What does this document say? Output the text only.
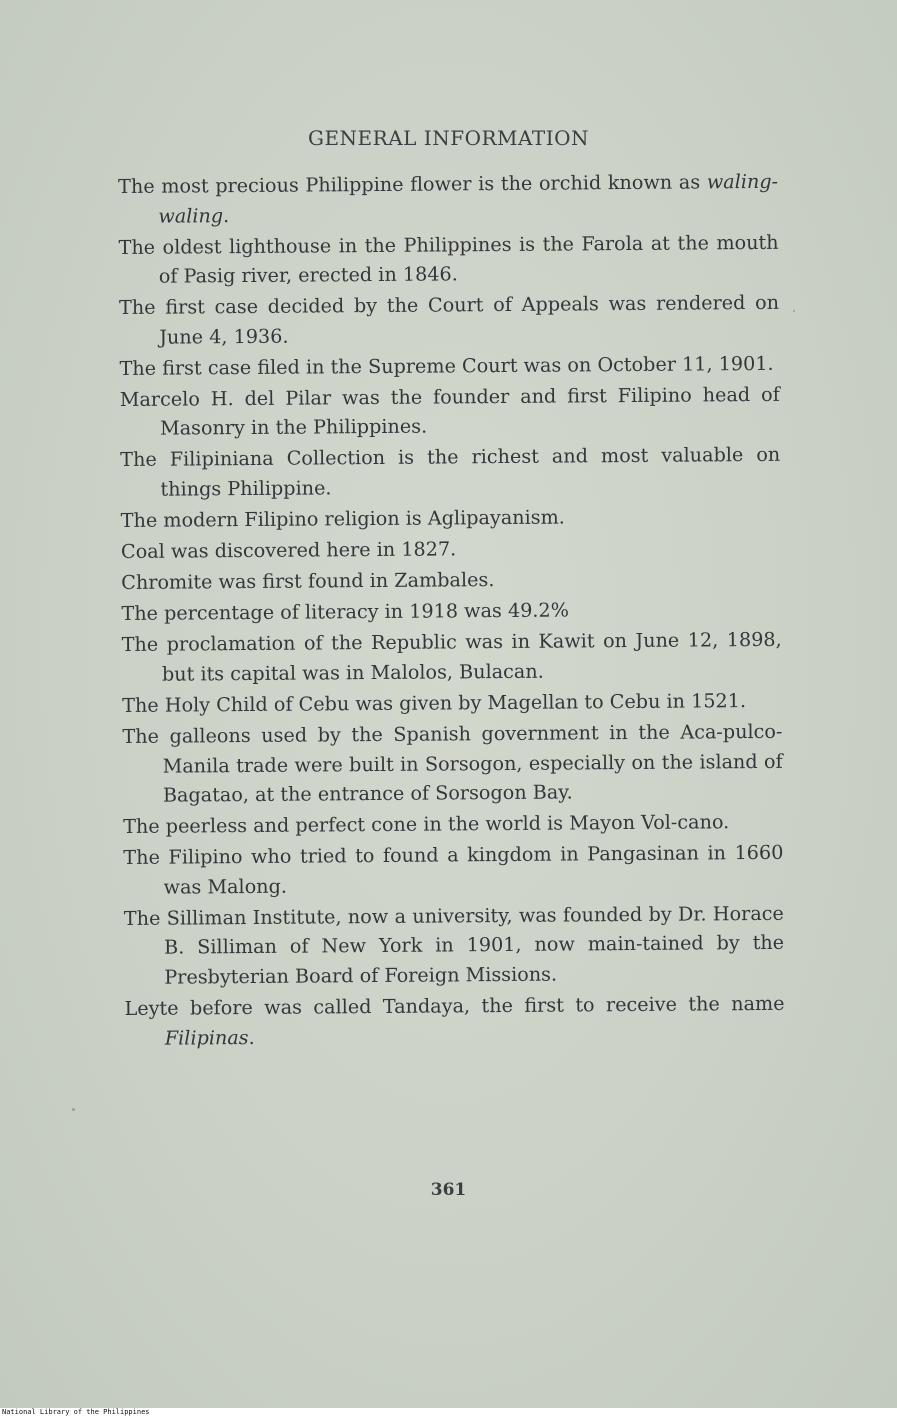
GENERAL INFORMATION

The most precious Philippine flower is the orchid known as waling-waling.

The oldest lighthouse in the Philippines is the Farola at the mouth of Pasig river, erected in 1846.

The first case decided by the Court of Appeals was rendered on June 4, 1936.

The first case filed in the Supreme Court was on October 11, 1901.

Marcelo H. del Pilar was the founder and first Filipino head of Masonry in the Philippines.

The Filipiniana Collection is the richest and most valuable on things Philippine.

The modern Filipino religion is Aglipayanism.

Coal was discovered here in 1827.

Chromite was first found in Zambales.

The percentage of literacy in 1918 was 49.2%

The proclamation of the Republic was in Kawit on June 12, 1898, but its capital was in Malolos, Bulacan.

The Holy Child of Cebu was given by Magellan to Cebu in 1521.

The galleons used by the Spanish government in the Aca-pulco-Manila trade were built in Sorsogon, especially on the island of Bagatao, at the entrance of Sorsogon Bay.

The peerless and perfect cone in the world is Mayon Vol-cano.

The Filipino who tried to found a kingdom in Pangasinan in 1660 was Malong.

The Silliman Institute, now a university, was founded by Dr. Horace B. Silliman of New York in 1901, now main-tained by the Presbyterian Board of Foreign Missions.

Leyte before was called Tandaya, the first to receive the name Filipinas.

361
National Library of the Philippines
